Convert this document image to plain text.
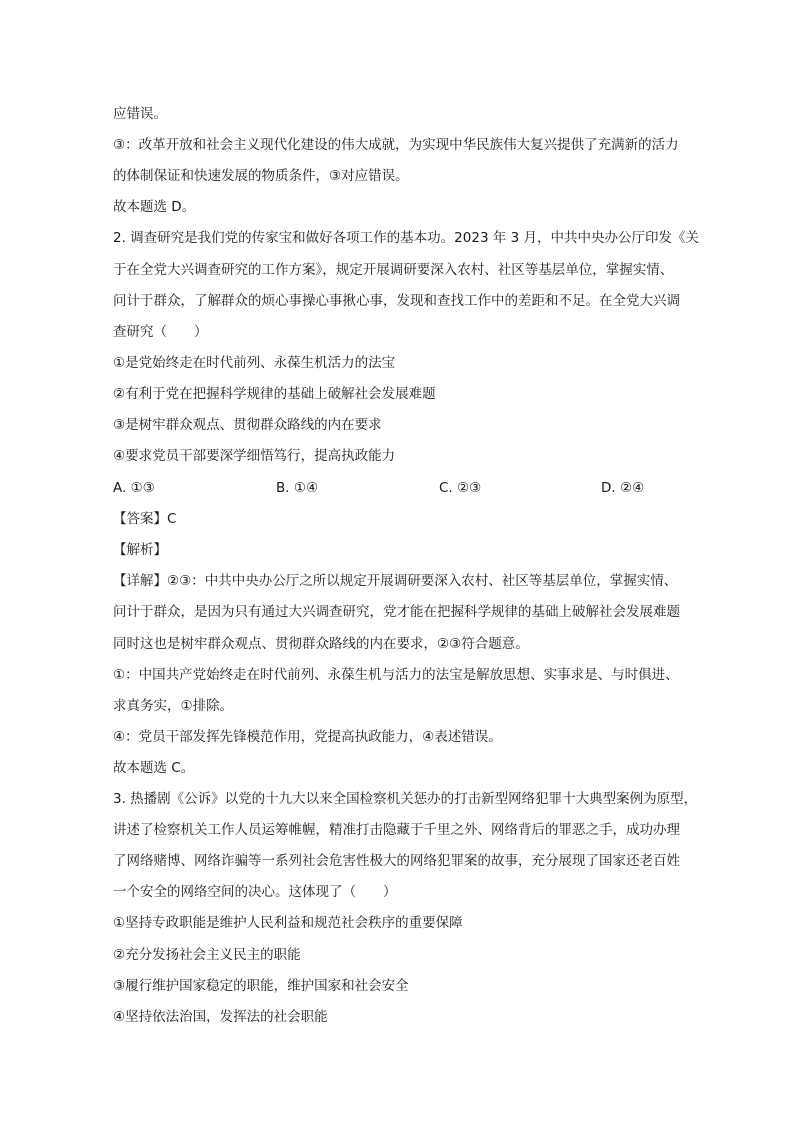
应错误。
③：改革开放和社会主义现代化建设的伟大成就，为实现中华民族伟大复兴提供了充满新的活力
的体制保证和快速发展的物质条件，③对应错误。
故本题选 D。
2. 调查研究是我们党的传家宝和做好各项工作的基本功。2023 年 3 月，中共中央办公厅印发《关
于在全党大兴调查研究的工作方案》，规定开展调研要深入农村、社区等基层单位，掌握实情、
问计于群众，了解群众的烦心事操心事揪心事，发现和查找工作中的差距和不足。在全党大兴调
查研究（　　）
①是党始终走在时代前列、永葆生机活力的法宝
②有利于党在把握科学规律的基础上破解社会发展难题
③是树牢群众观点、贯彻群众路线的内在要求
④要求党员干部要深学细悟笃行，提高执政能力
A. ①③	B. ①④	C. ②③	D. ②④
【答案】C
【解析】
【详解】②③：中共中央办公厅之所以规定开展调研要深入农村、社区等基层单位，掌握实情、
问计于群众，是因为只有通过大兴调查研究，党才能在把握科学规律的基础上破解社会发展难题
同时这也是树牢群众观点、贯彻群众路线的内在要求，②③符合题意。
①：中国共产党始终走在时代前列、永葆生机与活力的法宝是解放思想、实事求是、与时俱进、
求真务实，①排除。
④：党员干部发挥先锋模范作用，党提高执政能力，④表述错误。
故本题选 C。
3. 热播剧《公诉》以党的十九大以来全国检察机关惩办的打击新型网络犯罪十大典型案例为原型，
讲述了检察机关工作人员运筹帷幄，精准打击隐藏于千里之外、网络背后的罪恶之手，成功办理
了网络赌博、网络诈骗等一系列社会危害性极大的网络犯罪案的故事，充分展现了国家还老百姓
一个安全的网络空间的决心。这体现了（　　）
①坚持专政职能是维护人民利益和规范社会秩序的重要保障
②充分发扬社会主义民主的职能
③履行维护国家稳定的职能，维护国家和社会安全
④坚持依法治国，发挥法的社会职能
